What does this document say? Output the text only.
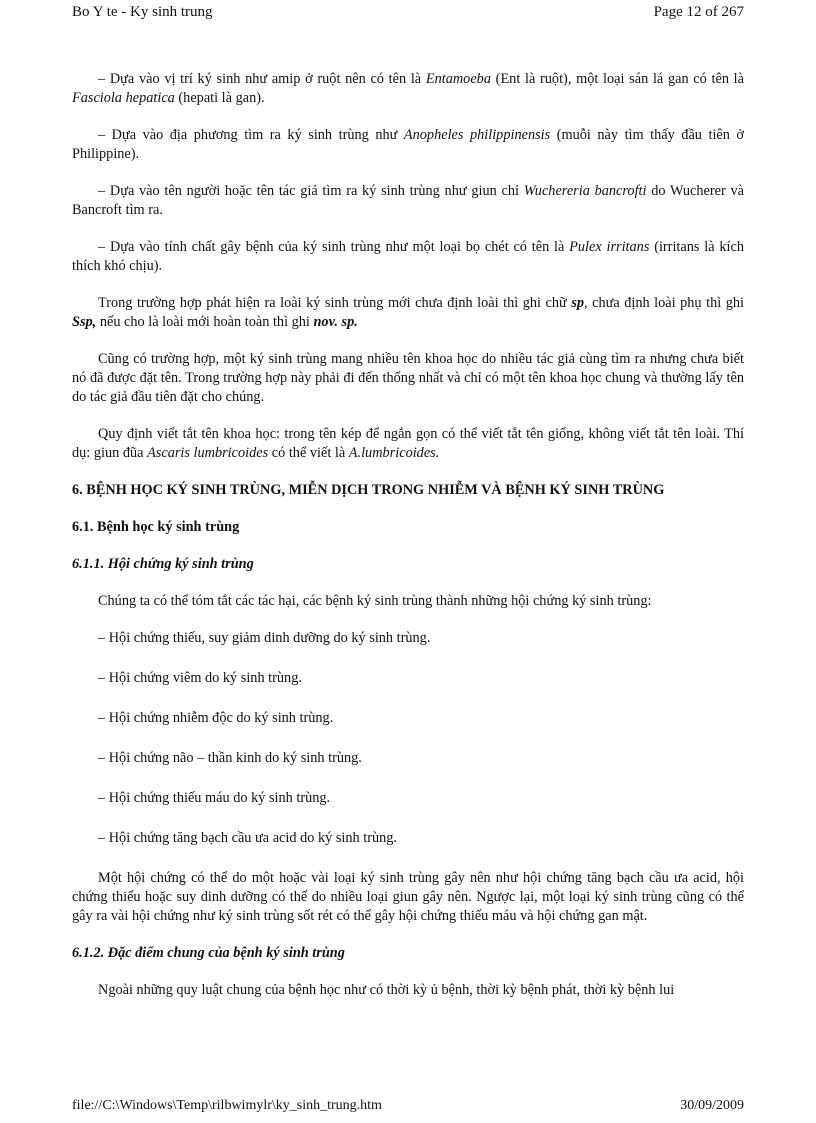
Bo Y te - Ky sinh trung	Page 12 of 267

– Dựa vào vị trí ký sinh như amip ở ruột nên có tên là Entamoeba (Ent là ruột), một loại sán lá gan có tên là Fasciola hepatica (hepati là gan).

– Dựa vào địa phương tìm ra ký sinh trùng như Anopheles philippinensis (muỗi này tìm thấy đầu tiên ở Philippine).

– Dựa vào tên người hoặc tên tác giả tìm ra ký sinh trùng như giun chỉ Wuchereria bancrofti do Wucherer và Bancroft tìm ra.

– Dựa vào tính chất gây bệnh của ký sinh trùng như một loại bọ chét có tên là Pulex irritans (irritans là kích thích khó chịu).

Trong trường hợp phát hiện ra loài ký sinh trùng mới chưa định loài thì ghi chữ sp, chưa định loài phụ thì ghi Ssp, nếu cho là loài mới hoàn toàn thì ghi nov. sp.

Cũng có trường hợp, một ký sinh trùng mang nhiều tên khoa học do nhiều tác giả cùng tìm ra nhưng chưa biết nó đã được đặt tên. Trong trường hợp này phải đi đến thống nhất và chỉ có một tên khoa học chung và thường lấy tên do tác giả đầu tiên đặt cho chúng.

Quy định viết tắt tên khoa học: trong tên kép để ngắn gọn có thể viết tắt tên giống, không viết tắt tên loài. Thí dụ: giun đũa Ascaris lumbricoides có thể viết là A.lumbricoides.

6. BỆNH HỌC KÝ SINH TRÙNG, MIỄN DỊCH TRONG NHIỄM VÀ BỆNH KÝ SINH TRÙNG
6.1. Bệnh học ký sinh trùng
6.1.1. Hội chứng ký sinh trùng

Chúng ta có thể tóm tắt các tác hại, các bệnh ký sinh trùng thành những hội chứng ký sinh trùng:

– Hội chứng thiếu, suy giảm dinh dưỡng do ký sinh trùng.
– Hội chứng viêm do ký sinh trùng.
– Hội chứng nhiễm độc do ký sinh trùng.
– Hội chứng não – thần kinh do ký sinh trùng.
– Hội chứng thiếu máu do ký sinh trùng.
– Hội chứng tăng bạch cầu ưa acid do ký sinh trùng.

Một hội chứng có thể do một hoặc vài loại ký sinh trùng gây nên như hội chứng tăng bạch cầu ưa acid, hội chứng thiếu hoặc suy dinh dưỡng có thể do nhiều loại giun gây nên. Ngược lại, một loại ký sinh trùng cũng có thể gây ra vài hội chứng như ký sinh trùng sốt rét có thể gây hội chứng thiếu máu và hội chứng gan mật.

6.1.2. Đặc điểm chung của bệnh ký sinh trùng

Ngoài những quy luật chung của bệnh học như có thời kỳ ủ bệnh, thời kỳ bệnh phát, thời kỳ bệnh lui

file://C:\Windows\Temp\rilbwimylr\ky_sinh_trung.htm	30/09/2009
